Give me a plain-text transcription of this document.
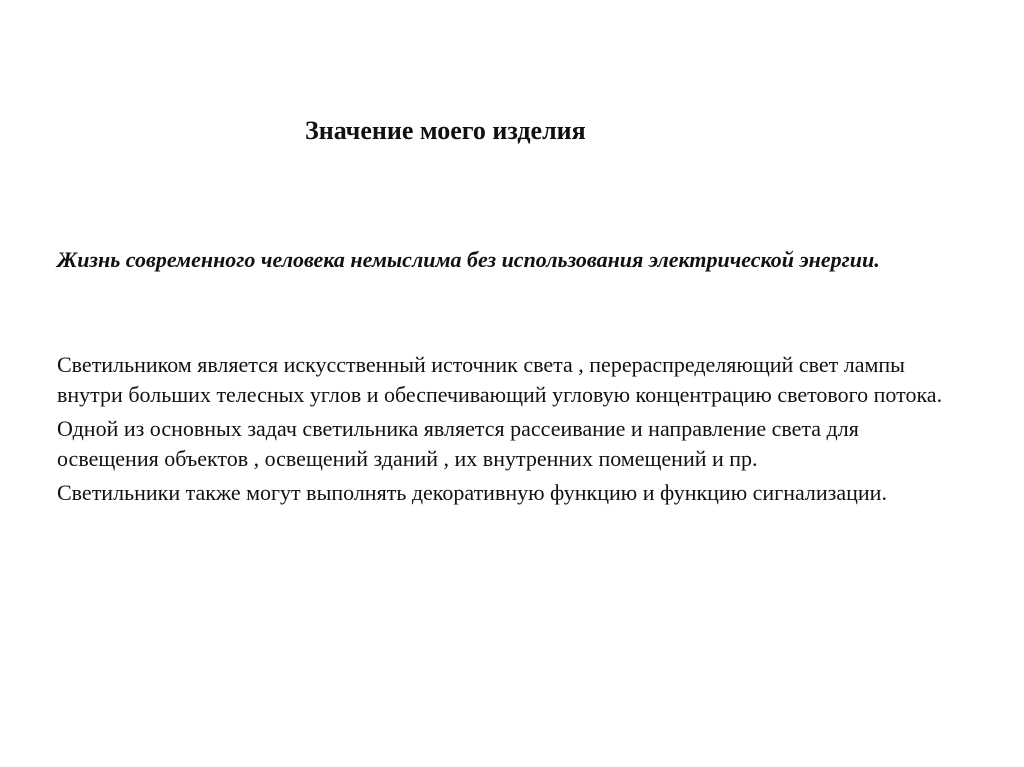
Значение моего изделия
Жизнь современного человека немыслима без использования электрической энергии.

Светильником является искусственный источник света , перераспределяющий свет лампы внутри больших телесных углов и обеспечивающий угловую концентрацию светового потока.

Одной из основных задач светильника является рассеивание и направление света для освещения объектов , освещений зданий , их внутренних помещений и пр.

Светильники также могут выполнять декоративную функцию и функцию сигнализации.
